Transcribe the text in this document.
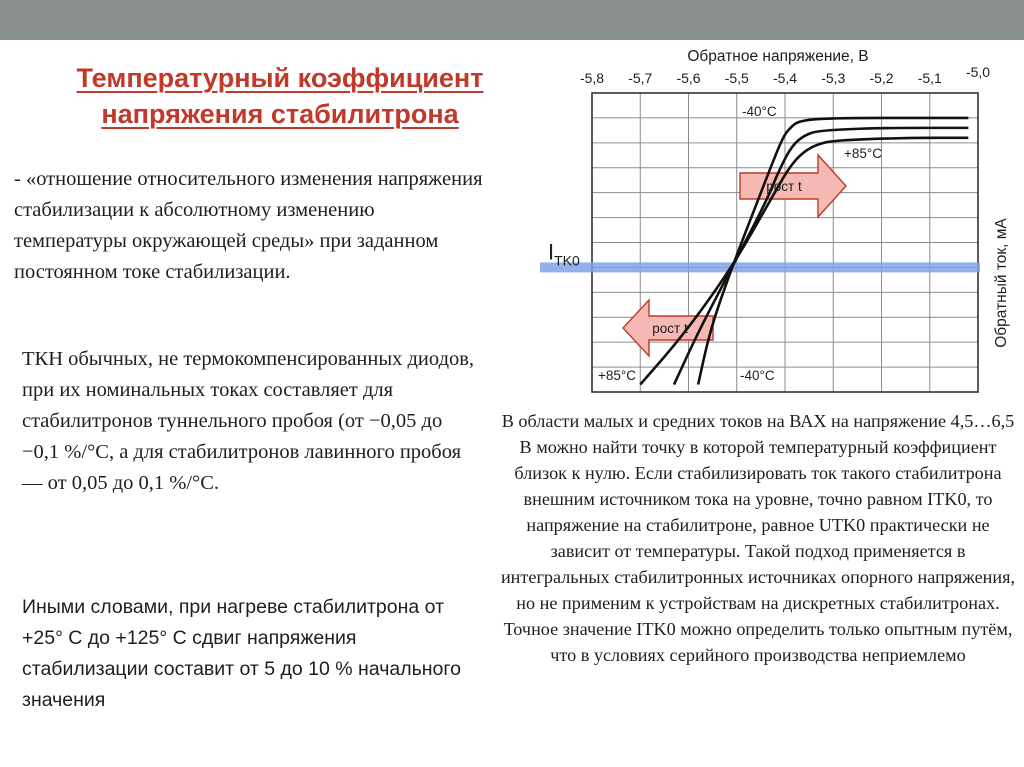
Температурный коэффициент
напряжения стабилитрона

- «отношение относительного изменения напряжения стабилизации к абсолютному изменению температуры окружающей среды» при заданном постоянном токе стабилизации.

ТКН обычных, не термокомпенсированных диодов, при их номинальных токах составляет для стабилитронов туннельного пробоя (от −0,05 до −0,1 %/°С, а для стабилитронов лавинного пробоя — от 0,05 до 0,1 %/°С.

Иными словами, при нагреве стабилитрона от +25° С до +125° С сдвиг напряжения стабилизации составит от 5 до 10 % начального значения

В области малых и средних токов на ВАХ на напряжение 4,5…6,5 В можно найти точку в которой температурный коэффициент близок к нулю. Если стабилизировать ток такого стабилитрона внешним источником тока на уровне, точно равном ITK0, то напряжение на стабилитроне, равное UTK0 практически не зависит от температуры. Такой подход применяется в интегральных стабилитронных источниках опорного напряжения, но не применим к устройствам на дискретных стабилитронах. Точное значение ITK0 можно определить только опытным путём, что в условиях серийного производства неприемлемо

Обратное напряжение, В
-5,8 -5,7 -5,6 -5,5 -5,4 -5,3 -5,2 -5,1 -5,0
Обратный ток, мА
$I_{TK0}$
рост t
рост t
-40°C
+85°C
+85°C	-40°C
